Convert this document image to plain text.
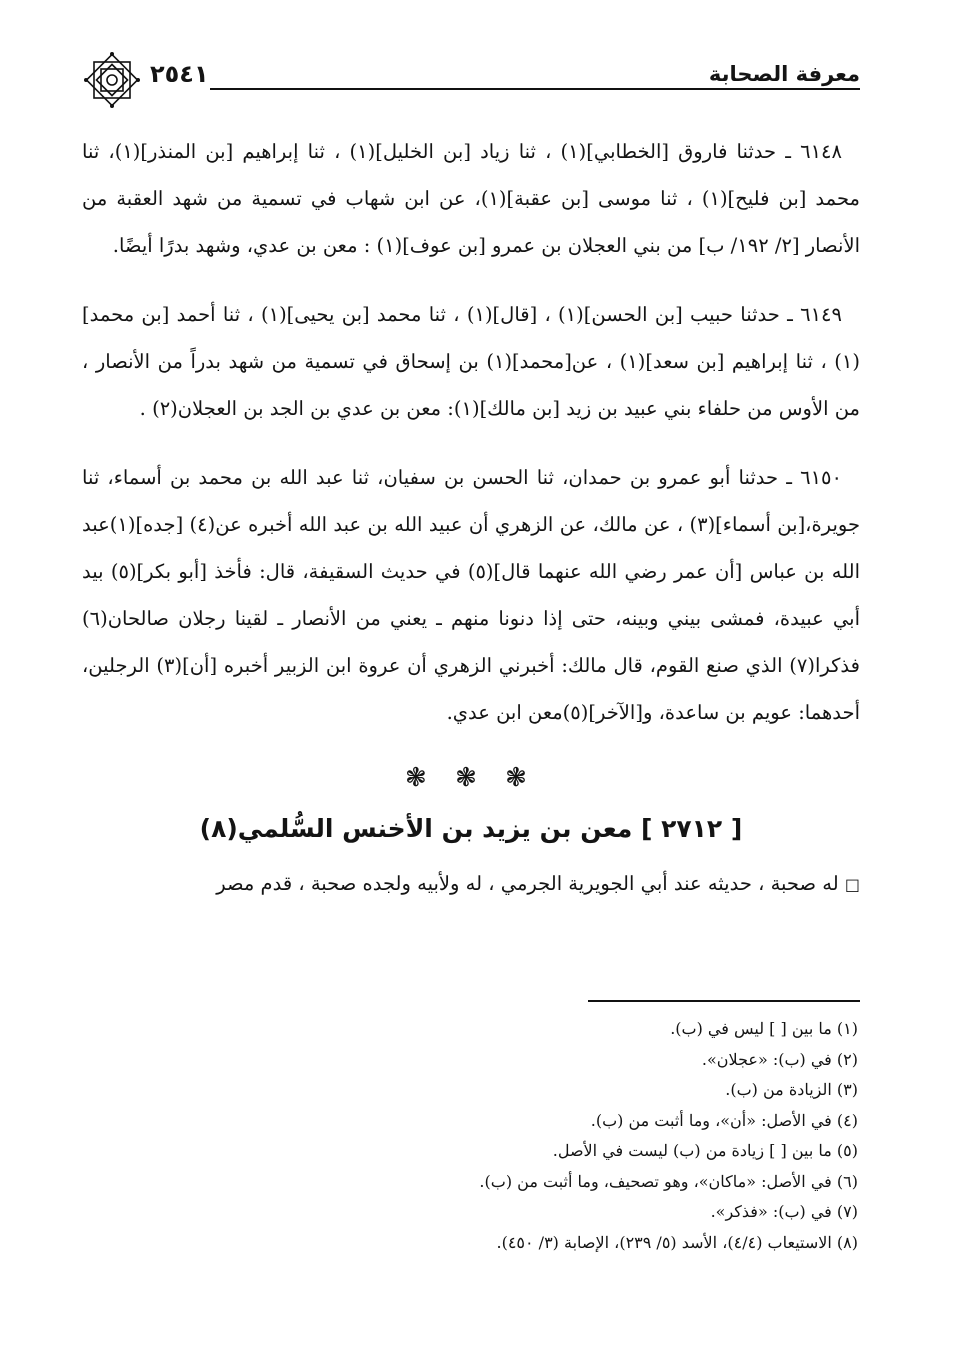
معرفة الصحابة
٢٥٤١

٦١٤٨ ـ حدثنا فاروق [الخطابي](١) ، ثنا زياد [بن الخليل](١) ، ثنا إبراهيم [بن المنذر](١)، ثنا محمد [بن فليح](١) ، ثنا موسى [بن عقبة](١)، عن ابن شهاب في تسمية من شهد العقبة من الأنصار [٢/ ١٩٢/ ب] من بني العجلان بن عمرو [بن عوف](١) : معن بن عدي، وشهد بدرًا أيضًا.

٦١٤٩ ـ حدثنا حبيب [بن الحسن](١) ، [قال](١) ، ثنا محمد [بن يحيى](١) ، ثنا أحمد [بن محمد](١) ، ثنا إبراهيم [بن سعد](١) ، عن[محمد](١) بن إسحاق في تسمية من شهد بدراً من الأنصار ، من الأوس من حلفاء بني عبيد بن زيد [بن مالك](١): معن بن عدي بن الجد بن العجلان(٢) .

٦١٥٠ ـ حدثنا أبو عمرو بن حمدان، ثنا الحسن بن سفيان، ثنا عبد الله بن محمد بن أسماء، ثنا جويرة،[بن أسماء](٣) ، عن مالك، عن الزهري أن عبيد الله بن عبد الله أخبره عن(٤) [جده](١)عبد الله بن عباس [أن عمر رضي الله عنهما قال](٥) في حديث السقيفة، قال: فأخذ [أبو بكر](٥) بيد أبي عبيدة، فمشى بيني وبينه، حتى إذا دنونا منهم ـ يعني من الأنصار ـ لقينا رجلان صالحان(٦) فذكرا(٧) الذي صنع القوم، قال مالك: أخبرني الزهري أن عروة ابن الزبير أخبره [أن](٣) الرجلين، أحدهما: عويم بن ساعدة، و[الآخر](٥)معن ابن عدي.

❃ ❃ ❃
[ ٢٧١٢ ] معن بن يزيد بن الأخنس السُّلمي(٨)

□ له صحبة ، حديثه عند أبي الجويرية الجرمي ، له ولأبيه ولجده صحبة ، قدم مصر

(١) ما بين [ ] ليس في (ب).

(٢) في (ب): «عجلان».

(٣) الزيادة من (ب).

(٤) في الأصل: «أن»، وما أثبت من (ب).

(٥) ما بين [ ] زيادة من (ب) ليست في الأصل.

(٦) في الأصل: «ماكان»، وهو تصحيف، وما أثبت من (ب).

(٧) في (ب): «فذكر».

(٨) الاستيعاب (٤/٤)، الأسد (٥/ ٢٣٩)، الإصابة (٣/ ٤٥٠).
